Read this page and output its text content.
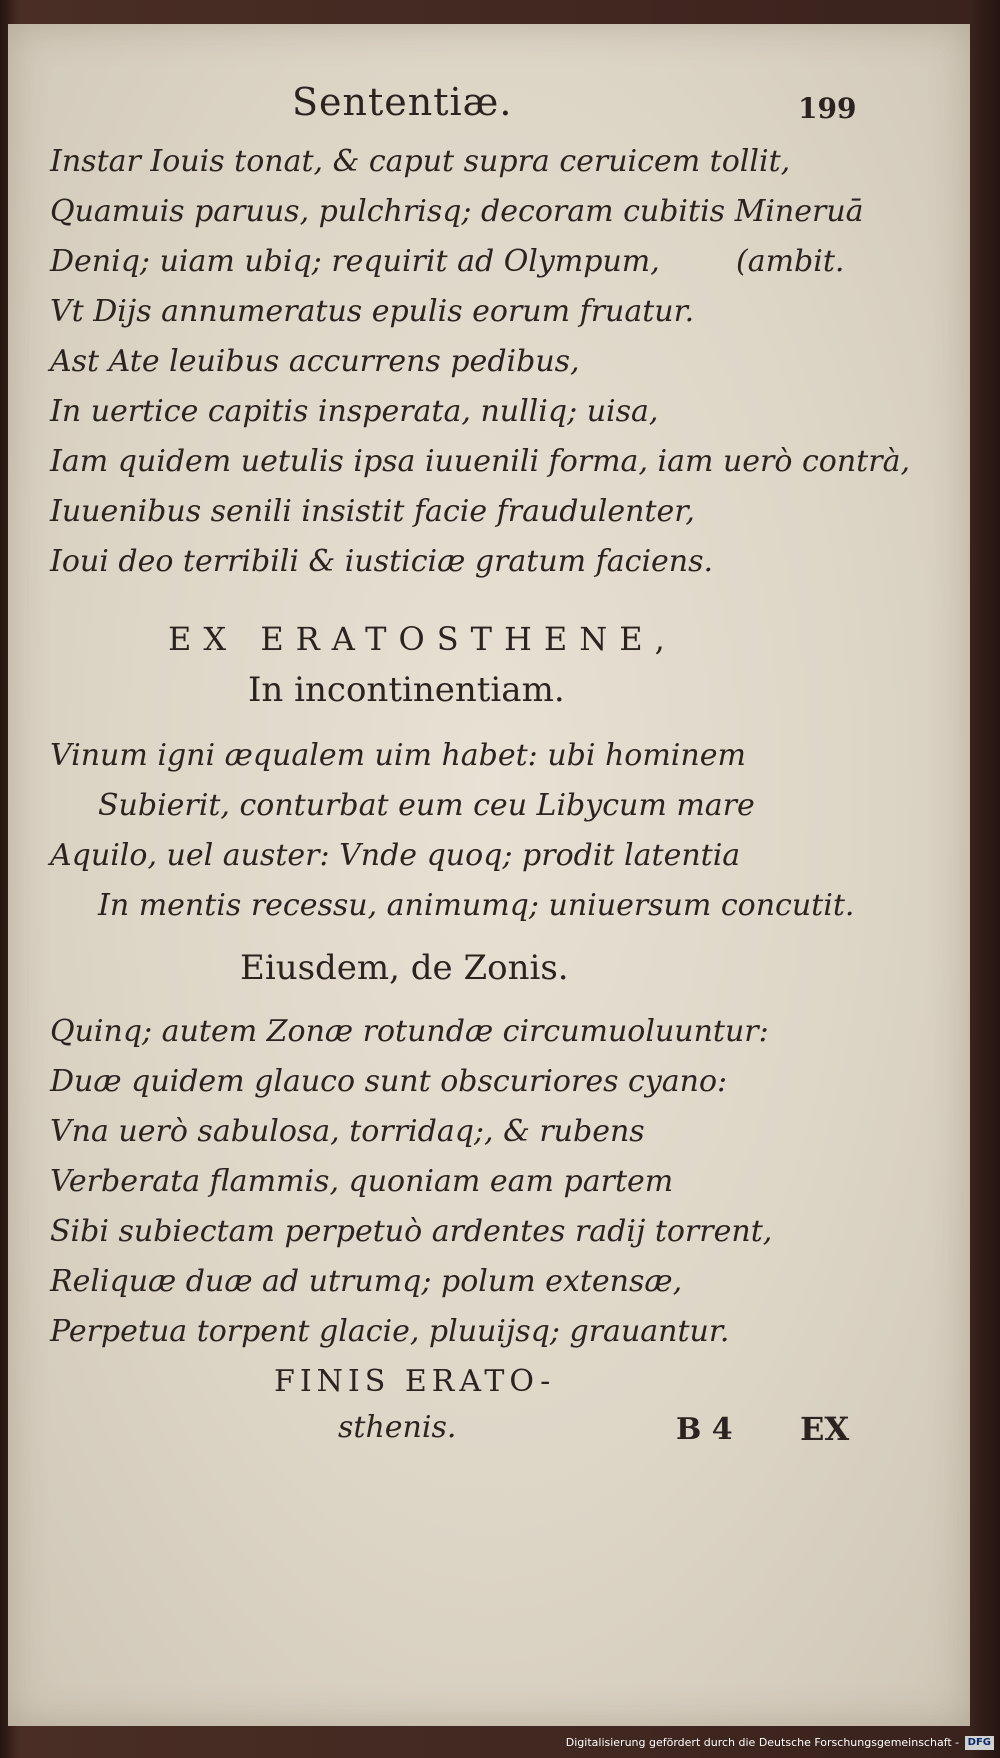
Sententiæ.	199
Instar Iouis tonat, & caput supra ceruicem tollit,
Quamuis paruus, pulchrisq; decoram cubitis Mineruā
Deniq; uiam ubiq; requirit ad Olympum,	(ambit.
Vt Dijs annumeratus epulis eorum fruatur.
Ast Ate leuibus accurrens pedibus,
In uertice capitis insperata, nulliq; uisa,
Iam quidem uetulis ipsa iuuenili forma, iam uerò contrà,
Iuuenibus senili insistit facie fraudulenter,
Ioui deo terribili & iusticiæ gratum faciens.
EX ERATOSTHENE,
In incontinentiam.
Vinum igni æqualem uim habet: ubi hominem
Subierit, conturbat eum ceu Libycum mare
Aquilo, uel auster: Vnde quoq; prodit latentia
In mentis recessu, animumq; uniuersum concutit.
Eiusdem, de Zonis.
Quinq; autem Zonæ rotundæ circumuoluuntur:
Duæ quidem glauco sunt obscuriores cyano:
Vna uerò sabulosa, torridaq;, & rubens
Verberata flammis, quoniam eam partem
Sibi subiectam perpetuò ardentes radij torrent,
Reliquæ duæ ad utrumq; polum extensæ,
Perpetua torpent glacie, pluuijsq; grauantur.
FINIS ERATO-
sthenis.	B 4 EX
Digitalisierung gefördert durch die Deutsche Forschungsgemeinschaft - DFG
